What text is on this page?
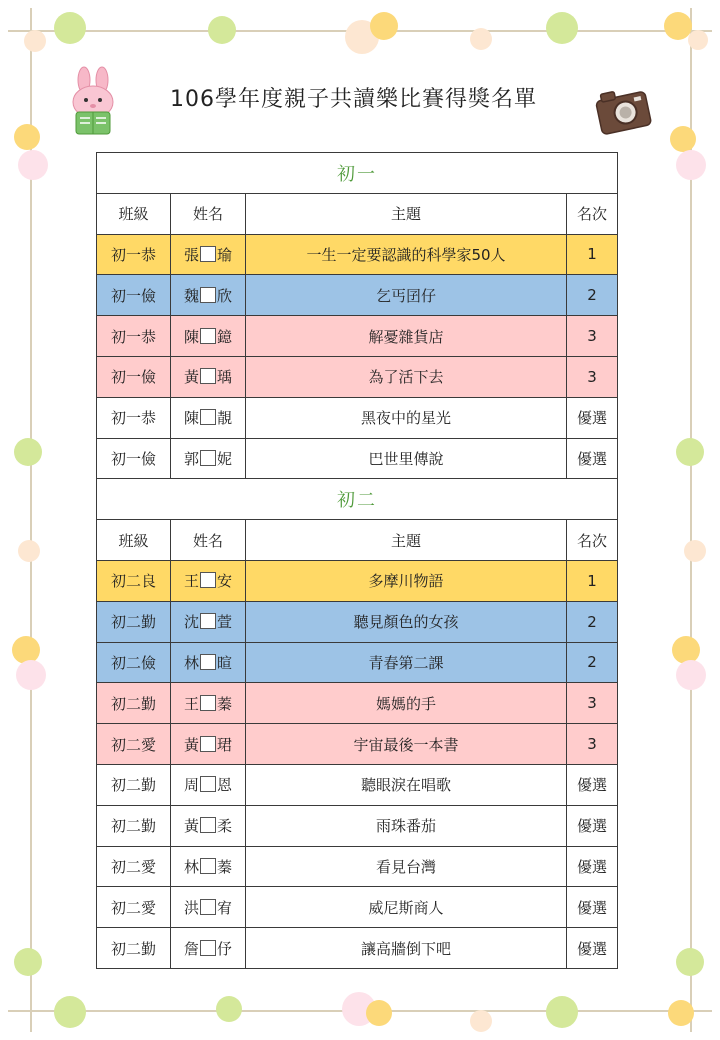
106學年度親子共讀樂比賽得獎名單
初一			
班級	姓名	主題	名次
初一恭	張 瑜	一生一定要認識的科學家50人	1
初一儉	魏 欣	乞丐囝仔	2
初一恭	陳 鐿	解憂雜貨店	3
初一儉	黃 瑀	為了活下去	3
初一恭	陳 靚	黑夜中的星光	優選
初一儉	郭 妮	巴世里傳說	優選
初二			
班級	姓名	主題	名次
初二良	王 安	多摩川物語	1
初二勤	沈 萱	聽見顏色的女孩	2
初二儉	林 暄	青春第二課	2
初二勤	王 蓁	媽媽的手	3
初二愛	黃 珺	宇宙最後一本書	3
初二勤	周 恩	聽眼淚在唱歌	優選
初二勤	黃 柔	雨珠番茄	優選
初二愛	林 蓁	看見台灣	優選
初二愛	洪 宥	威尼斯商人	優選
初二勤	詹 伃	讓高牆倒下吧	優選
